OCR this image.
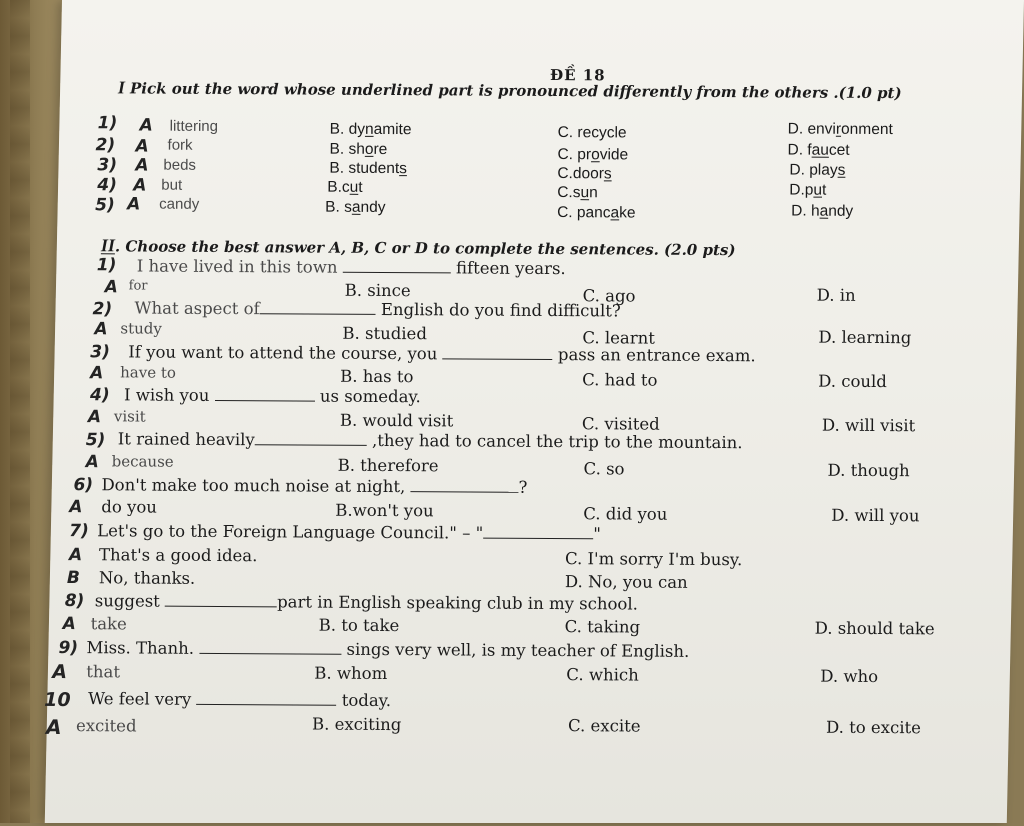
ĐỀ 18
I Pick out the word whose underlined part is pronounced differently from the others .(1.0 pt)
1) A littering	B. dynamite	C. recycle	D. environment
2) A fork	B. shore	C. provide	D. faucet
3) A beds	B. students	C.doors	D. plays
4) A but	B.cut	C.sun	D.put
5) A candy	B. sandy	C. pancake	D. handy
II. Choose the best answer A, B, C or D to complete the sentences. (2.0 pts)
1) I have lived in this town	fifteen years.
A for	B. since	C. ago	D. in
2) What aspect of	English do you find difficult?
A study	B. studied	C. learnt	D. learning
3) If you want to attend the course, you	pass an entrance exam.
A have to	B. has to	C. had to	D. could
4) I wish you	us someday.
A visit	B. would visit	C. visited	D. will visit
5) It rained heavily	,they had to cancel the trip to the mountain.
A because	B. therefore	C. so	D. though
6) Don't make too much noise at night,	?
A do you	B.won't you	C. did you	D. will you
7) Let's go to the Foreign Language Council." – "	"
A That's a good idea.	C. I'm sorry I'm busy.
B No, thanks.	D. No, you can
8) suggest	part in English speaking club in my school.
A take	B. to take	C. taking	D. should take
9) Miss. Thanh.	sings very well, is my teacher of English.
A that	B. whom	C. which	D. who
10 We feel very	today.
A excited	B. exciting	C. excite	D. to excite
